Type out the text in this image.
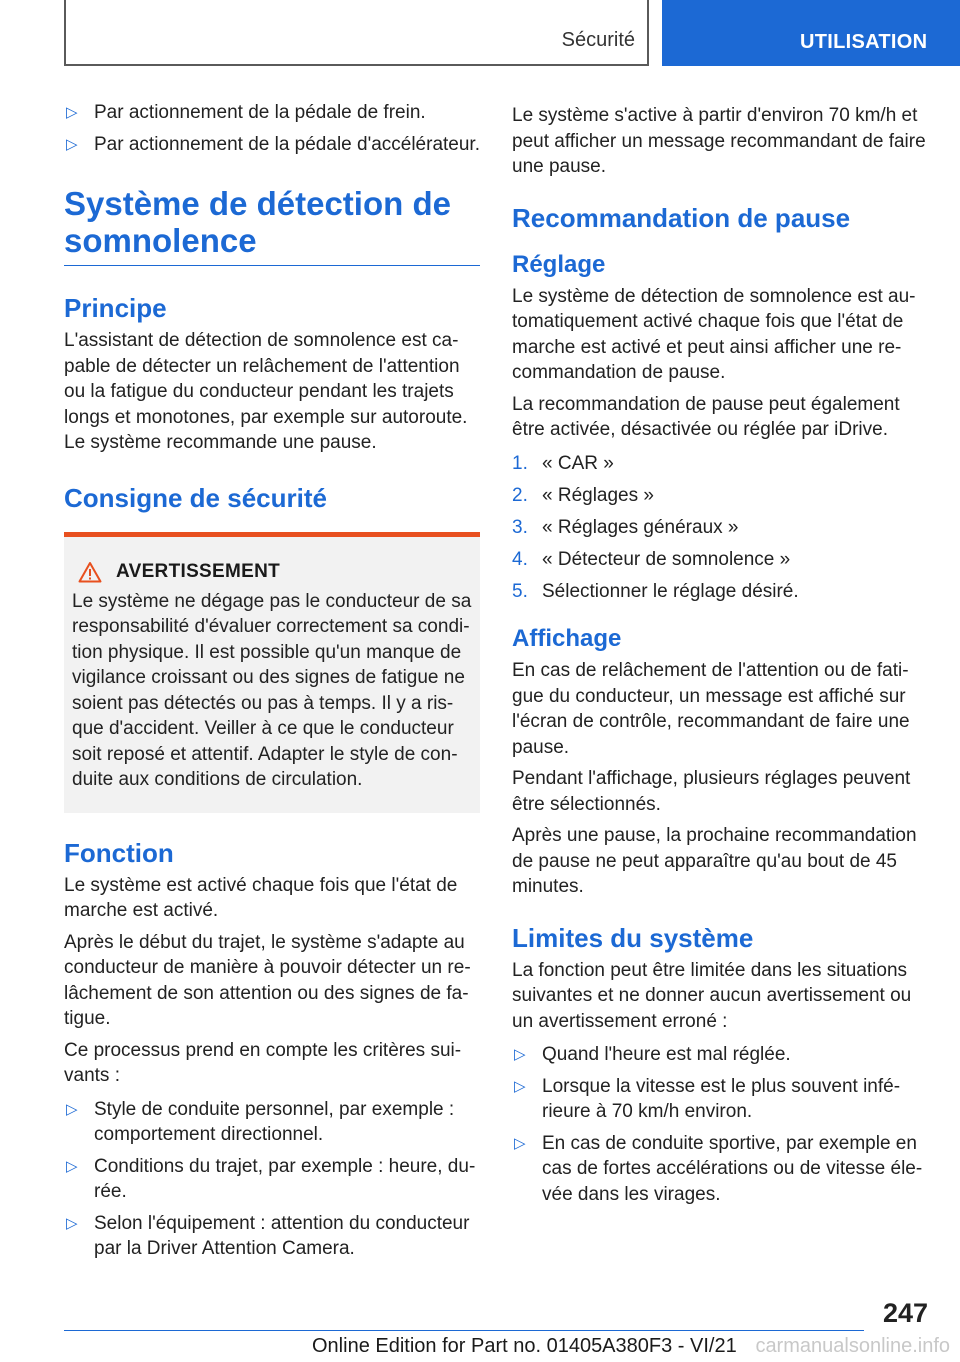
Sécurité	UTILISATION
▷ Par actionnement de la pédale de frein.
▷ Par actionnement de la pédale d'accélérateur.
Système de détection de somnolence
Principe

L'assistant de détection de somnolence est capable de détecter un relâchement de l'attention ou la fatigue du conducteur pendant les trajets longs et monotones, par exemple sur autoroute. Le système recommande une pause.

Consigne de sécurité
AVERTISSEMENT

Le système ne dégage pas le conducteur de sa responsabilité d'évaluer correctement sa condition physique. Il est possible qu'un manque de vigilance croissant ou des signes de fatigue ne soient pas détectés ou pas à temps. Il y a risque d'accident. Veiller à ce que le conducteur soit reposé et attentif. Adapter le style de conduite aux conditions de circulation.

Fonction

Le système est activé chaque fois que l'état de marche est activé.

Après le début du trajet, le système s'adapte au conducteur de manière à pouvoir détecter un relâchement de son attention ou des signes de fatigue.

Ce processus prend en compte les critères suivants :

▷ Style de conduite personnel, par exemple : comportement directionnel.
▷ Conditions du trajet, par exemple : heure, durée.
▷ Selon l'équipement : attention du conducteur par la Driver Attention Camera.

Le système s'active à partir d'environ 70 km/h et peut afficher un message recommandant de faire une pause.

Recommandation de pause
Réglage

Le système de détection de somnolence est automatiquement activé chaque fois que l'état de marche est activé et peut ainsi afficher une recommandation de pause.

La recommandation de pause peut également être activée, désactivée ou réglée par iDrive.

1. « CAR »
2. « Réglages »
3. « Réglages généraux »
4. « Détecteur de somnolence »
5. Sélectionner le réglage désiré.
Affichage

En cas de relâchement de l'attention ou de fatigue du conducteur, un message est affiché sur l'écran de contrôle, recommandant de faire une pause.

Pendant l'affichage, plusieurs réglages peuvent être sélectionnés.

Après une pause, la prochaine recommandation de pause ne peut apparaître qu'au bout de 45 minutes.

Limites du système

La fonction peut être limitée dans les situations suivantes et ne donner aucun avertissement ou un avertissement erroné :

▷ Quand l'heure est mal réglée.
▷ Lorsque la vitesse est le plus souvent inférieure à 70 km/h environ.
▷ En cas de conduite sportive, par exemple en cas de fortes accélérations ou de vitesse élevée dans les virages.
247
Online Edition for Part no. 01405A380F3 - VI/21 carmanualsonline.info
